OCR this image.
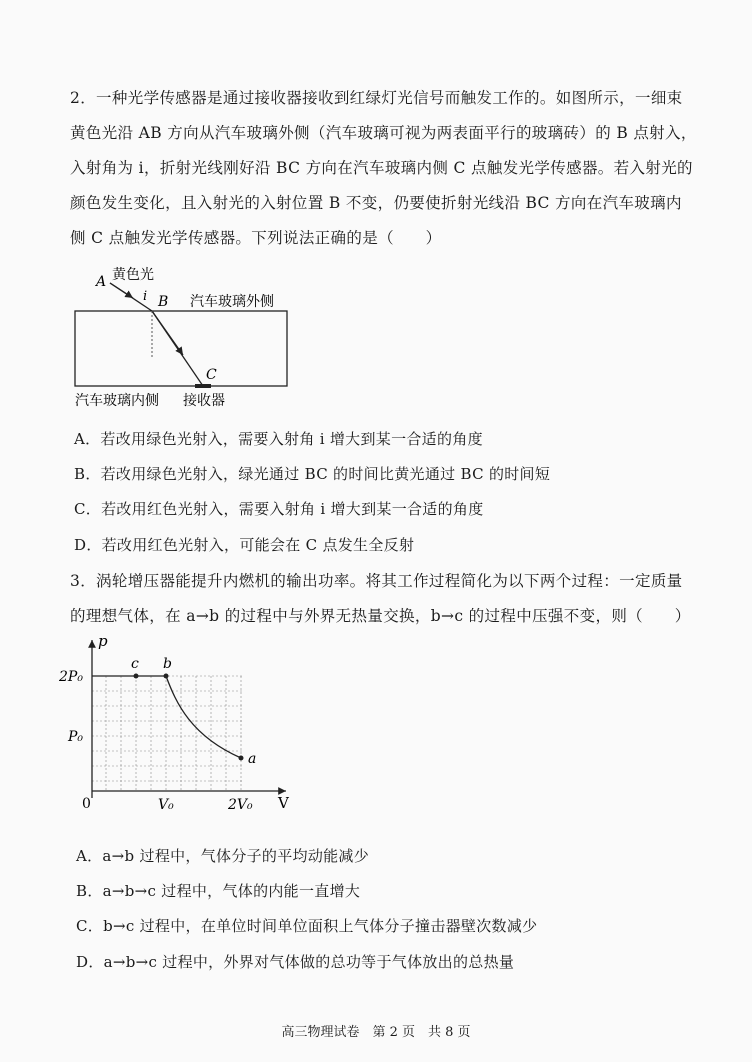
2．一种光学传感器是通过接收器接收到红绿灯光信号而触发工作的。如图所示，一细束
黄色光沿 AB 方向从汽车玻璃外侧（汽车玻璃可视为两表面平行的玻璃砖）的 B 点射入，
入射角为 i，折射光线刚好沿 BC 方向在汽车玻璃内侧 C 点触发光学传感器。若入射光的
颜色发生变化，且入射光的入射位置 B 不变，仍要使折射光线沿 BC 方向在汽车玻璃内
侧 C 点触发光学传感器。下列说法正确的是（　　）
黄色光
A
i B 汽车玻璃外侧
C
汽车玻璃内侧 接收器
A．若改用绿色光射入，需要入射角 i 增大到某一合适的角度
B．若改用绿色光射入，绿光通过 BC 的时间比黄光通过 BC 的时间短
C．若改用红色光射入，需要入射角 i 增大到某一合适的角度
D．若改用红色光射入，可能会在 C 点发生全反射
3．涡轮增压器能提升内燃机的输出功率。将其工作过程简化为以下两个过程：一定质量
的理想气体，在 a→b 的过程中与外界无热量交换，b→c 的过程中压强不变，则（　　）
p
V
0
2P₀
P₀
V₀	2V₀
c b
a
A．a→b 过程中，气体分子的平均动能减少
B．a→b→c 过程中，气体的内能一直增大
C．b→c 过程中，在单位时间单位面积上气体分子撞击器壁次数减少
D．a→b→c 过程中，外界对气体做的总功等于气体放出的总热量
高三物理试卷　第 2 页　共 8 页
